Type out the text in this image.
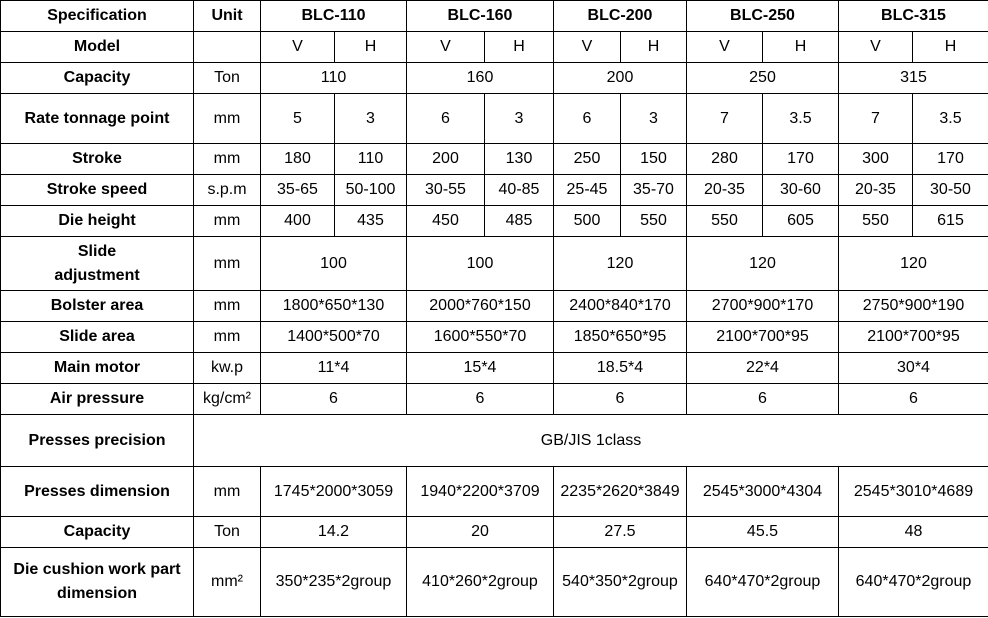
Specification	Unit	BLC-110		BLC-160		BLC-200		BLC-250		BLC-315	
Model		V	H	V	H	V	H	V	H	V	H
Capacity	Ton	110		160		200		250		315	
Rate tonnage point	mm	5	3	6	3	6	3	7	3.5	7	3.5
Stroke	mm	180	110	200	130	250	150	280	170	300	170
Stroke speed	s.p.m	35-65	50-100	30-55	40-85	25-45	35-70	20-35	30-60	20-35	30-50
Die height	mm	400	435	450	485	500	550	550	605	550	615
Slide adjustment	mm	100		100		120		120		120	
Bolster area	mm	1800*650*130		2000*760*150		2400*840*170		2700*900*170		2750*900*190	
Slide area	mm	1400*500*70		1600*550*70		1850*650*95		2100*700*95		2100*700*95	
Main motor	kw.p	11*4		15*4		18.5*4		22*4		30*4	
Air pressure	kg/cm²	6		6		6		6		6	
Presses precision	GB/JIS 1class										
Presses dimension	mm	1745*2000*3059		1940*2200*3709		2235*2620*3849		2545*3000*4304		2545*3010*4689	
Capacity	Ton	14.2		20		27.5		45.5		48	
Die cushion work part dimension	mm²	350*235*2group		410*260*2group		540*350*2group		640*470*2group		640*470*2group	
